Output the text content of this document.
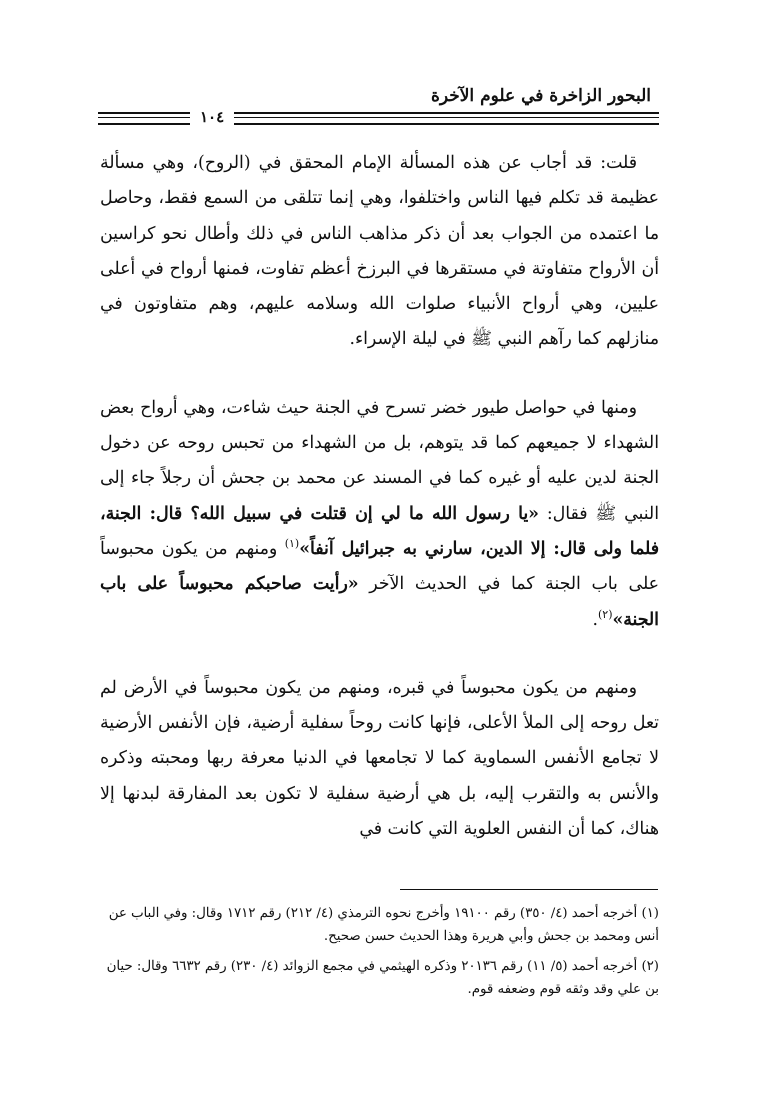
البحور الزاخرة في علوم الآخرة
١٠٤

قلت: قد أجاب عن هذه المسألة الإمام المحقق في (الروح)، وهي مسألة عظيمة قد تكلم فيها الناس واختلفوا، وهي إنما تتلقى من السمع فقط، وحاصل ما اعتمده من الجواب بعد أن ذكر مذاهب الناس في ذلك وأطال نحو كراسين أن الأرواح متفاوتة في مستقرها في البرزخ أعظم تفاوت، فمنها أرواح في أعلى عليين، وهي أرواح الأنبياء صلوات الله وسلامه عليهم، وهم متفاوتون في منازلهم كما رآهم النبي ﷺ في ليلة الإسراء.

ومنها في حواصل طيور خضر تسرح في الجنة حيث شاءت، وهي أرواح بعض الشهداء لا جميعهم كما قد يتوهم، بل من الشهداء من تحبس روحه عن دخول الجنة لدين عليه أو غيره كما في المسند عن محمد بن جحش أن رجلاً جاء إلى النبي ﷺ فقال: «يا رسول الله ما لي إن قتلت في سبيل الله؟ قال: الجنة، فلما ولى قال: إلا الدين، سارني به جبرائيل آنفاً»$^{(١)}$ ومنهم من يكون محبوساً على باب الجنة كما في الحديث الآخر «رأيت صاحبكم محبوساً على باب الجنة»$^{(٢)}$.

ومنهم من يكون محبوساً في قبره، ومنهم من يكون محبوساً في الأرض لم تعل روحه إلى الملأ الأعلى، فإنها كانت روحاً سفلية أرضية، فإن الأنفس الأرضية لا تجامع الأنفس السماوية كما لا تجامعها في الدنيا معرفة ربها ومحبته وذكره والأنس به والتقرب إليه، بل هي أرضية سفلية لا تكون بعد المفارقة لبدنها إلا هناك، كما أن النفس العلوية التي كانت في

(١) أخرجه أحمد (٤/ ٣٥٠) رقم ١٩١٠٠ وأخرج نحوه الترمذي (٤/ ٢١٢) رقم ١٧١٢ وقال: وفي الباب عن أنس ومحمد بن جحش وأبي هريرة وهذا الحديث حسن صحيح.

(٢) أخرجه أحمد (٥/ ١١) رقم ٢٠١٣٦ وذكره الهيثمي في مجمع الزوائد (٤/ ٢٣٠) رقم ٦٦٣٢ وقال: حيان بن علي وقد وثقه قوم وضعفه قوم.
